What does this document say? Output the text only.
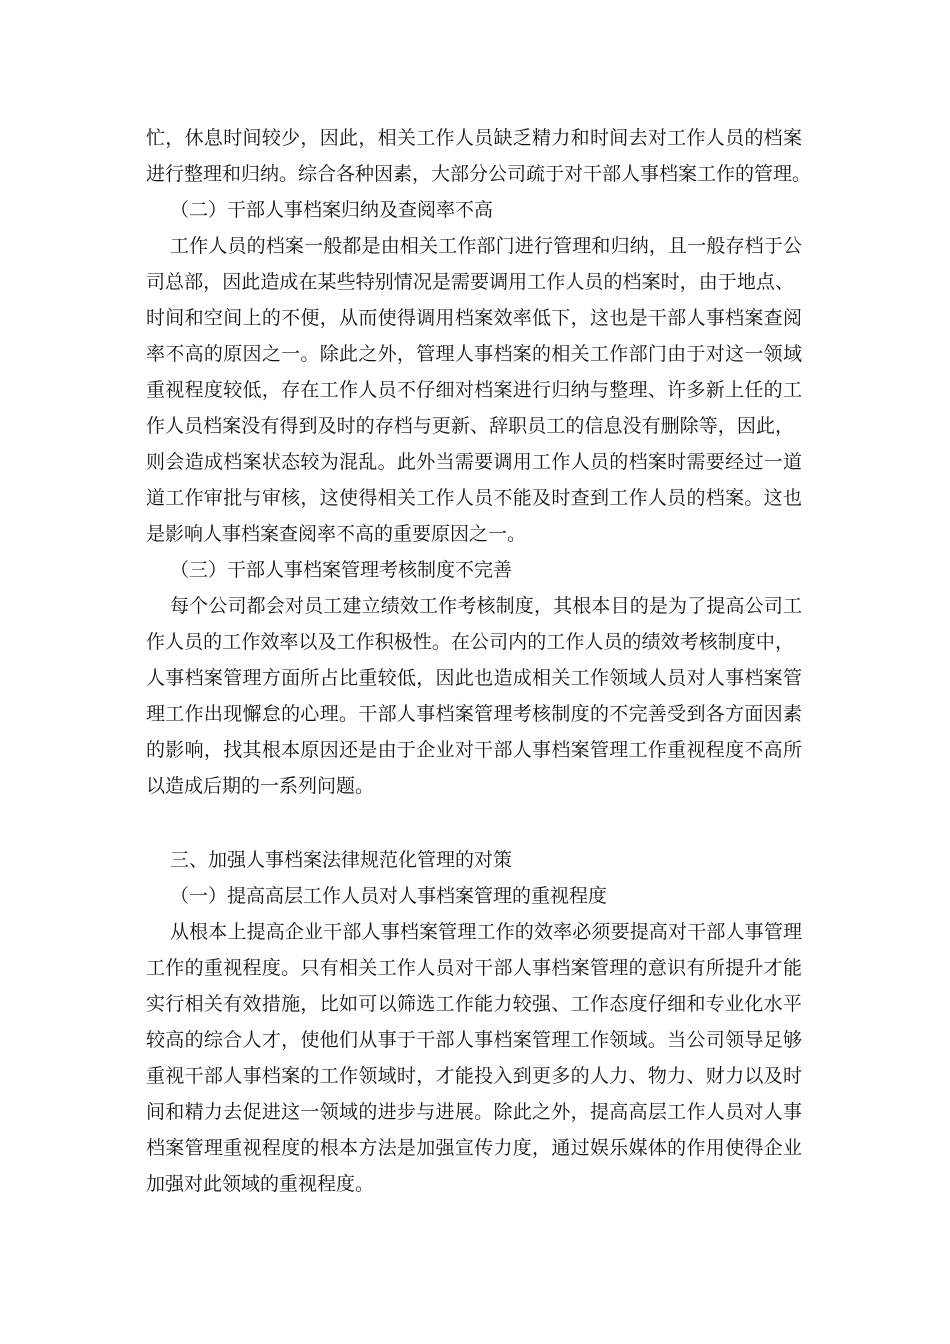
忙，休息时间较少，因此，相关工作人员缺乏精力和时间去对工作人员的档案
进行整理和归纳。综合各种因素，大部分公司疏于对干部人事档案工作的管理。
（二）干部人事档案归纳及查阅率不高
工作人员的档案一般都是由相关工作部门进行管理和归纳，且一般存档于公
司总部，因此造成在某些特别情况是需要调用工作人员的档案时，由于地点、
时间和空间上的不便，从而使得调用档案效率低下，这也是干部人事档案查阅
率不高的原因之一。除此之外，管理人事档案的相关工作部门由于对这一领域
重视程度较低，存在工作人员不仔细对档案进行归纳与整理、许多新上任的工
作人员档案没有得到及时的存档与更新、辞职员工的信息没有删除等，因此，
则会造成档案状态较为混乱。此外当需要调用工作人员的档案时需要经过一道
道工作审批与审核，这使得相关工作人员不能及时查到工作人员的档案。这也
是影响人事档案查阅率不高的重要原因之一。
（三）干部人事档案管理考核制度不完善
每个公司都会对员工建立绩效工作考核制度，其根本目的是为了提高公司工
作人员的工作效率以及工作积极性。在公司内的工作人员的绩效考核制度中，
人事档案管理方面所占比重较低，因此也造成相关工作领域人员对人事档案管
理工作出现懈怠的心理。干部人事档案管理考核制度的不完善受到各方面因素
的影响，找其根本原因还是由于企业对干部人事档案管理工作重视程度不高所
以造成后期的一系列问题。
三、加强人事档案法律规范化管理的对策
（一）提高高层工作人员对人事档案管理的重视程度
从根本上提高企业干部人事档案管理工作的效率必须要提高对干部人事管理
工作的重视程度。只有相关工作人员对干部人事档案管理的意识有所提升才能
实行相关有效措施，比如可以筛选工作能力较强、工作态度仔细和专业化水平
较高的综合人才，使他们从事于干部人事档案管理工作领域。当公司领导足够
重视干部人事档案的工作领域时，才能投入到更多的人力、物力、财力以及时
间和精力去促进这一领域的进步与进展。除此之外，提高高层工作人员对人事
档案管理重视程度的根本方法是加强宣传力度，通过娱乐媒体的作用使得企业
加强对此领域的重视程度。
